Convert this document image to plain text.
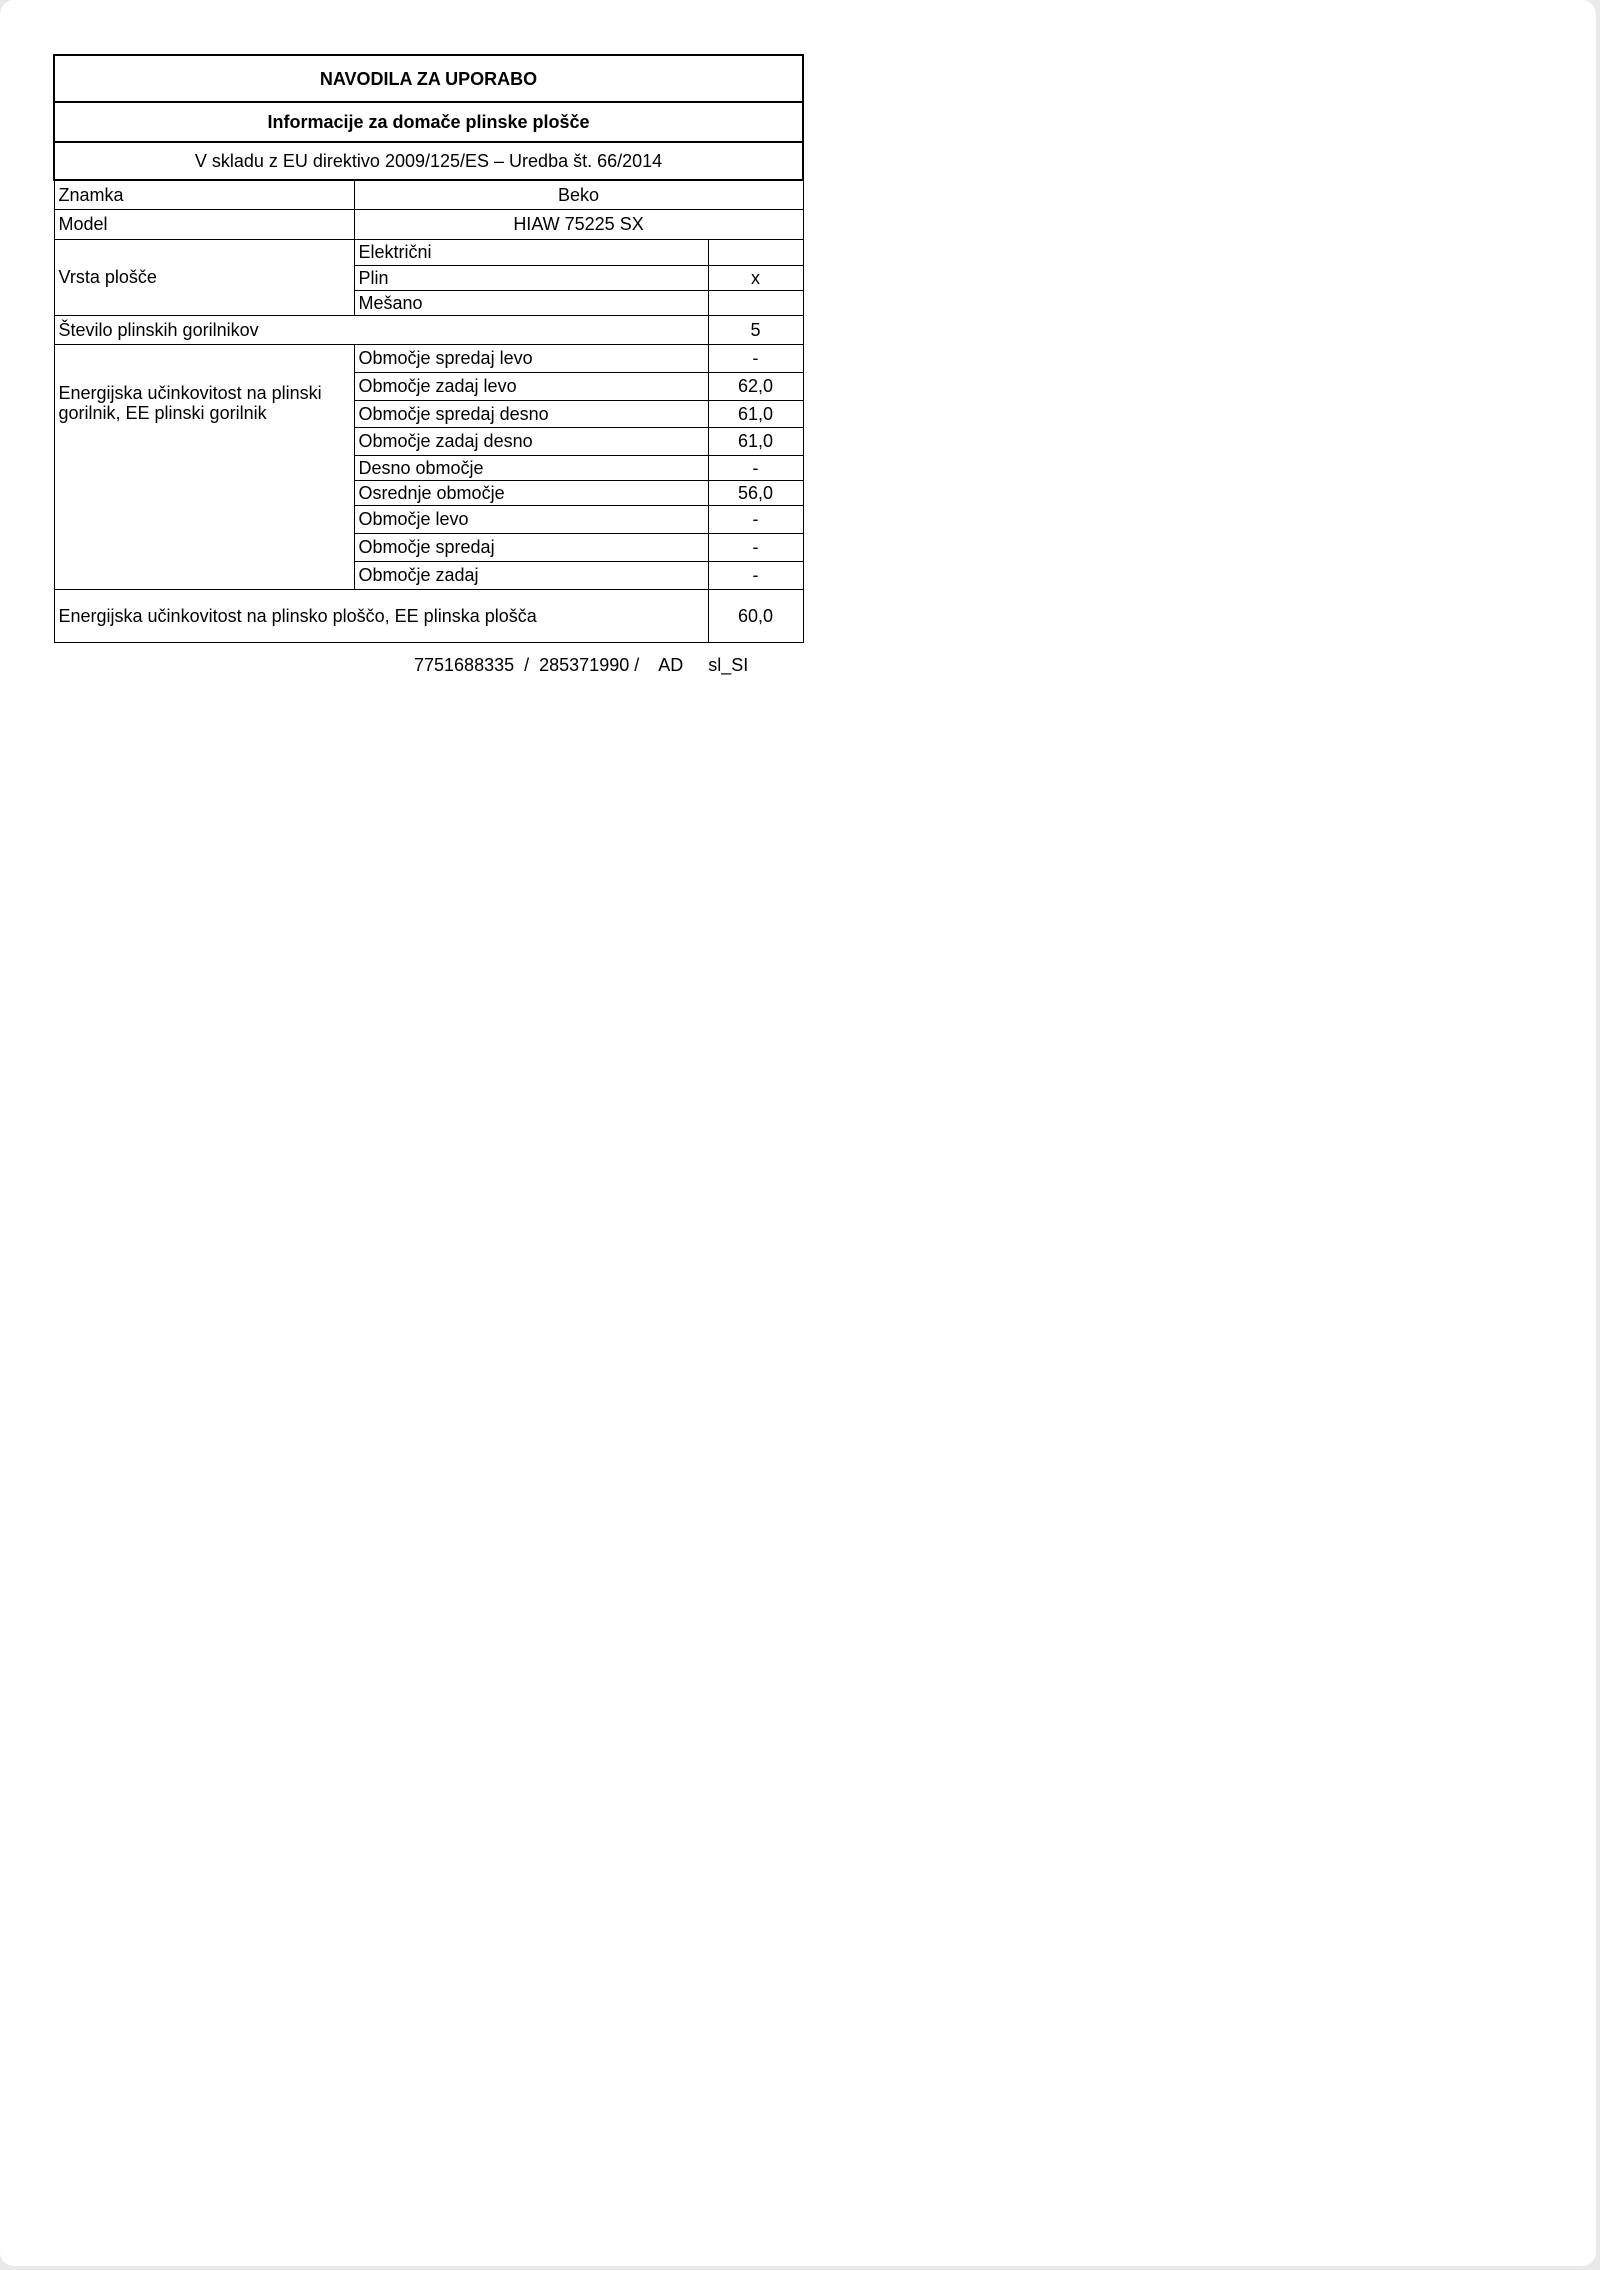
NAVODILA ZA UPORABO		
Informacije za domače plinske plošče		
V skladu z EU direktivo 2009/125/ES – Uredba št. 66/2014		
Znamka	Beko	
Model	HIAW 75225 SX	
Vrsta plošče	Električni	
	Plin	x
	Mešano	
Število plinskih gorilnikov		5
Energijska učinkovitost na plinski gorilnik, EE plinski gorilnik	Območje spredaj levo	-
	Območje zadaj levo	62,0
	Območje spredaj desno	61,0
	Območje zadaj desno	61,0
	Desno območje	-
	Osrednje območje	56,0
	Območje levo	-
	Območje spredaj	-
	Območje zadaj	-
Energijska učinkovitost na plinsko ploščo, EE plinska plošča		60,0
7751688335  /  285371990 /    AD sl_SI
